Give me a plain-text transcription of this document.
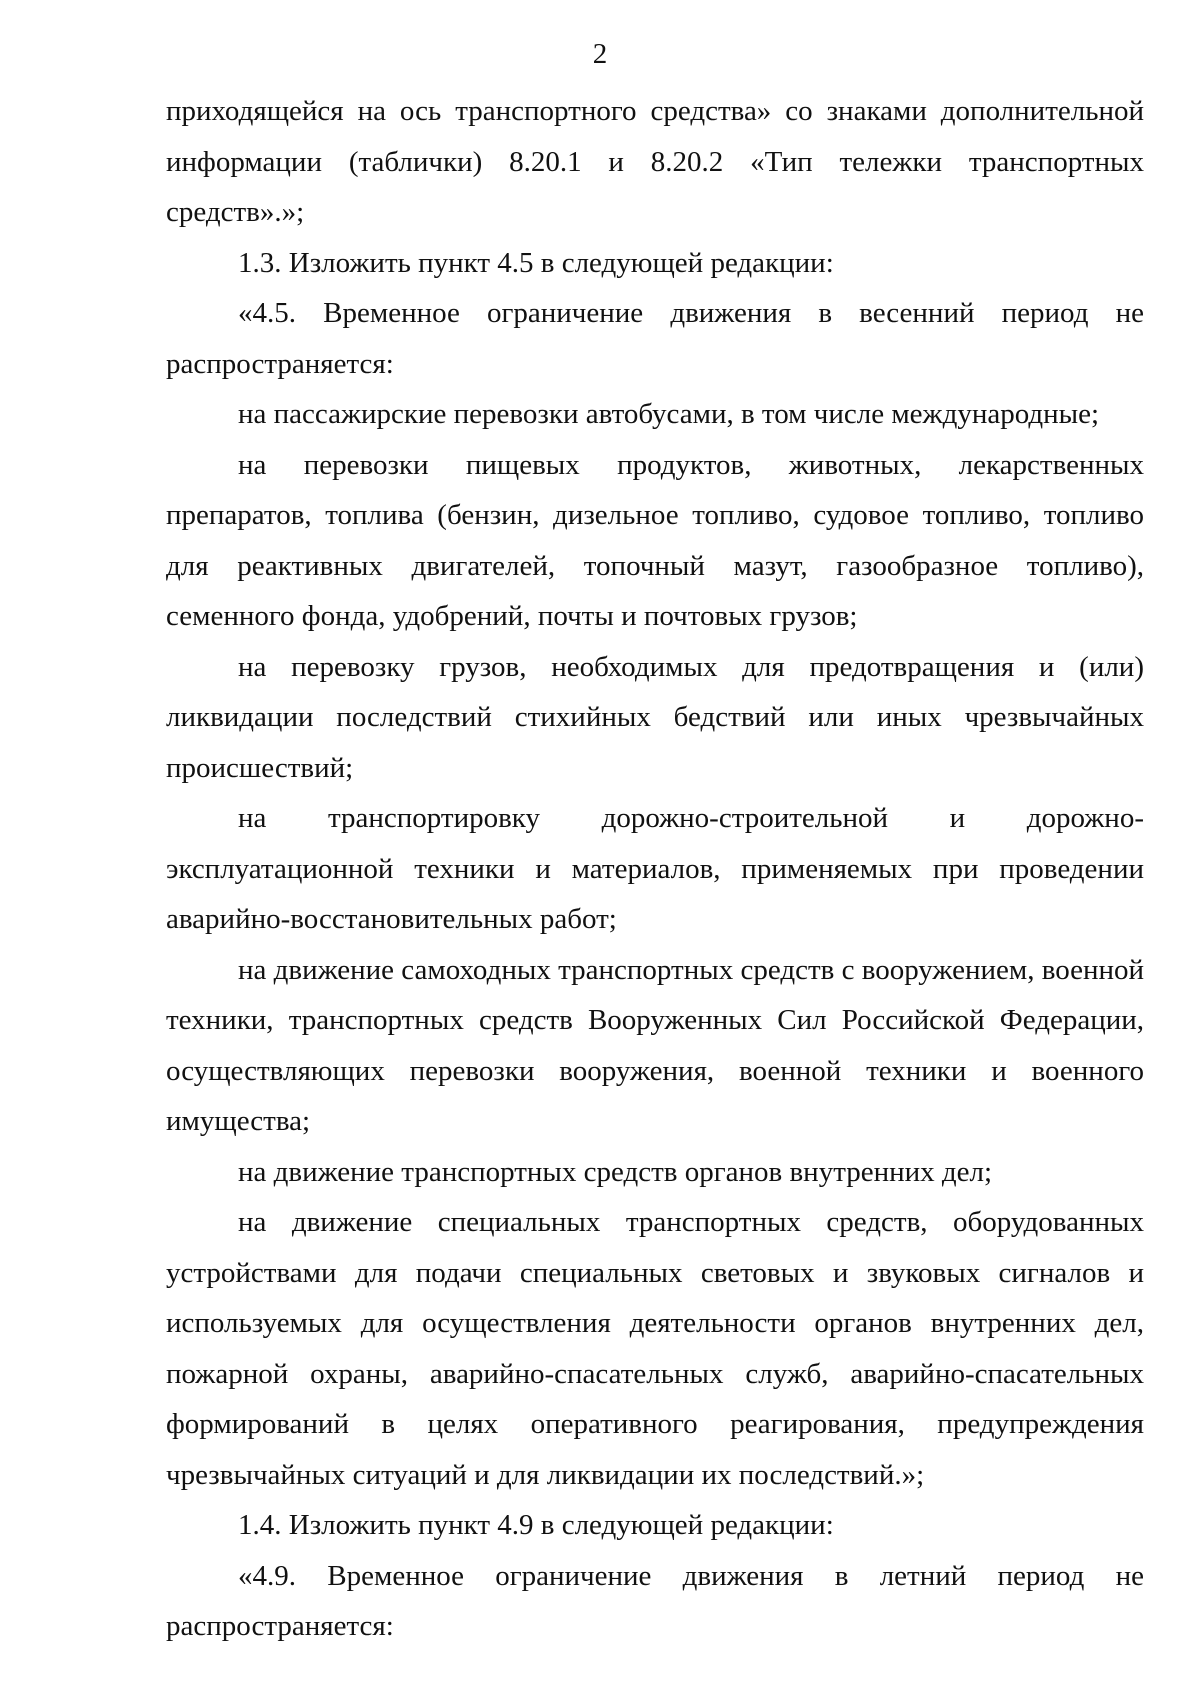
2

приходящейся на ось транспортного средства» со знаками дополнительной информации (таблички) 8.20.1 и 8.20.2 «Тип тележки транспортных средств».»;

1.3. Изложить пункт 4.5 в следующей редакции:

«4.5. Временное ограничение движения в весенний период не распространяется:

на пассажирские перевозки автобусами, в том числе международные;

на перевозки пищевых продуктов, животных, лекарственных препаратов, топлива (бензин, дизельное топливо, судовое топливо, топливо для реактивных двигателей, топочный мазут, газообразное топливо), семенного фонда, удобрений, почты и почтовых грузов;

на перевозку грузов, необходимых для предотвращения и (или) ликвидации последствий стихийных бедствий или иных чрезвычайных происшествий;

на транспортировку дорожно-строительной и дорожно-эксплуатационной техники и материалов, применяемых при проведении аварийно-восстановительных работ;

на движение самоходных транспортных средств с вооружением, военной техники, транспортных средств Вооруженных Сил Российской Федерации, осуществляющих перевозки вооружения, военной техники и военного имущества;

на движение транспортных средств органов внутренних дел;

на движение специальных транспортных средств, оборудованных устройствами для подачи специальных световых и звуковых сигналов и используемых для осуществления деятельности органов внутренних дел, пожарной охраны, аварийно-спасательных служб, аварийно-спасательных формирований в целях оперативного реагирования, предупреждения чрезвычайных ситуаций и для ликвидации их последствий.»;

1.4. Изложить пункт 4.9 в следующей редакции:

«4.9. Временное ограничение движения в летний период не распространяется:
